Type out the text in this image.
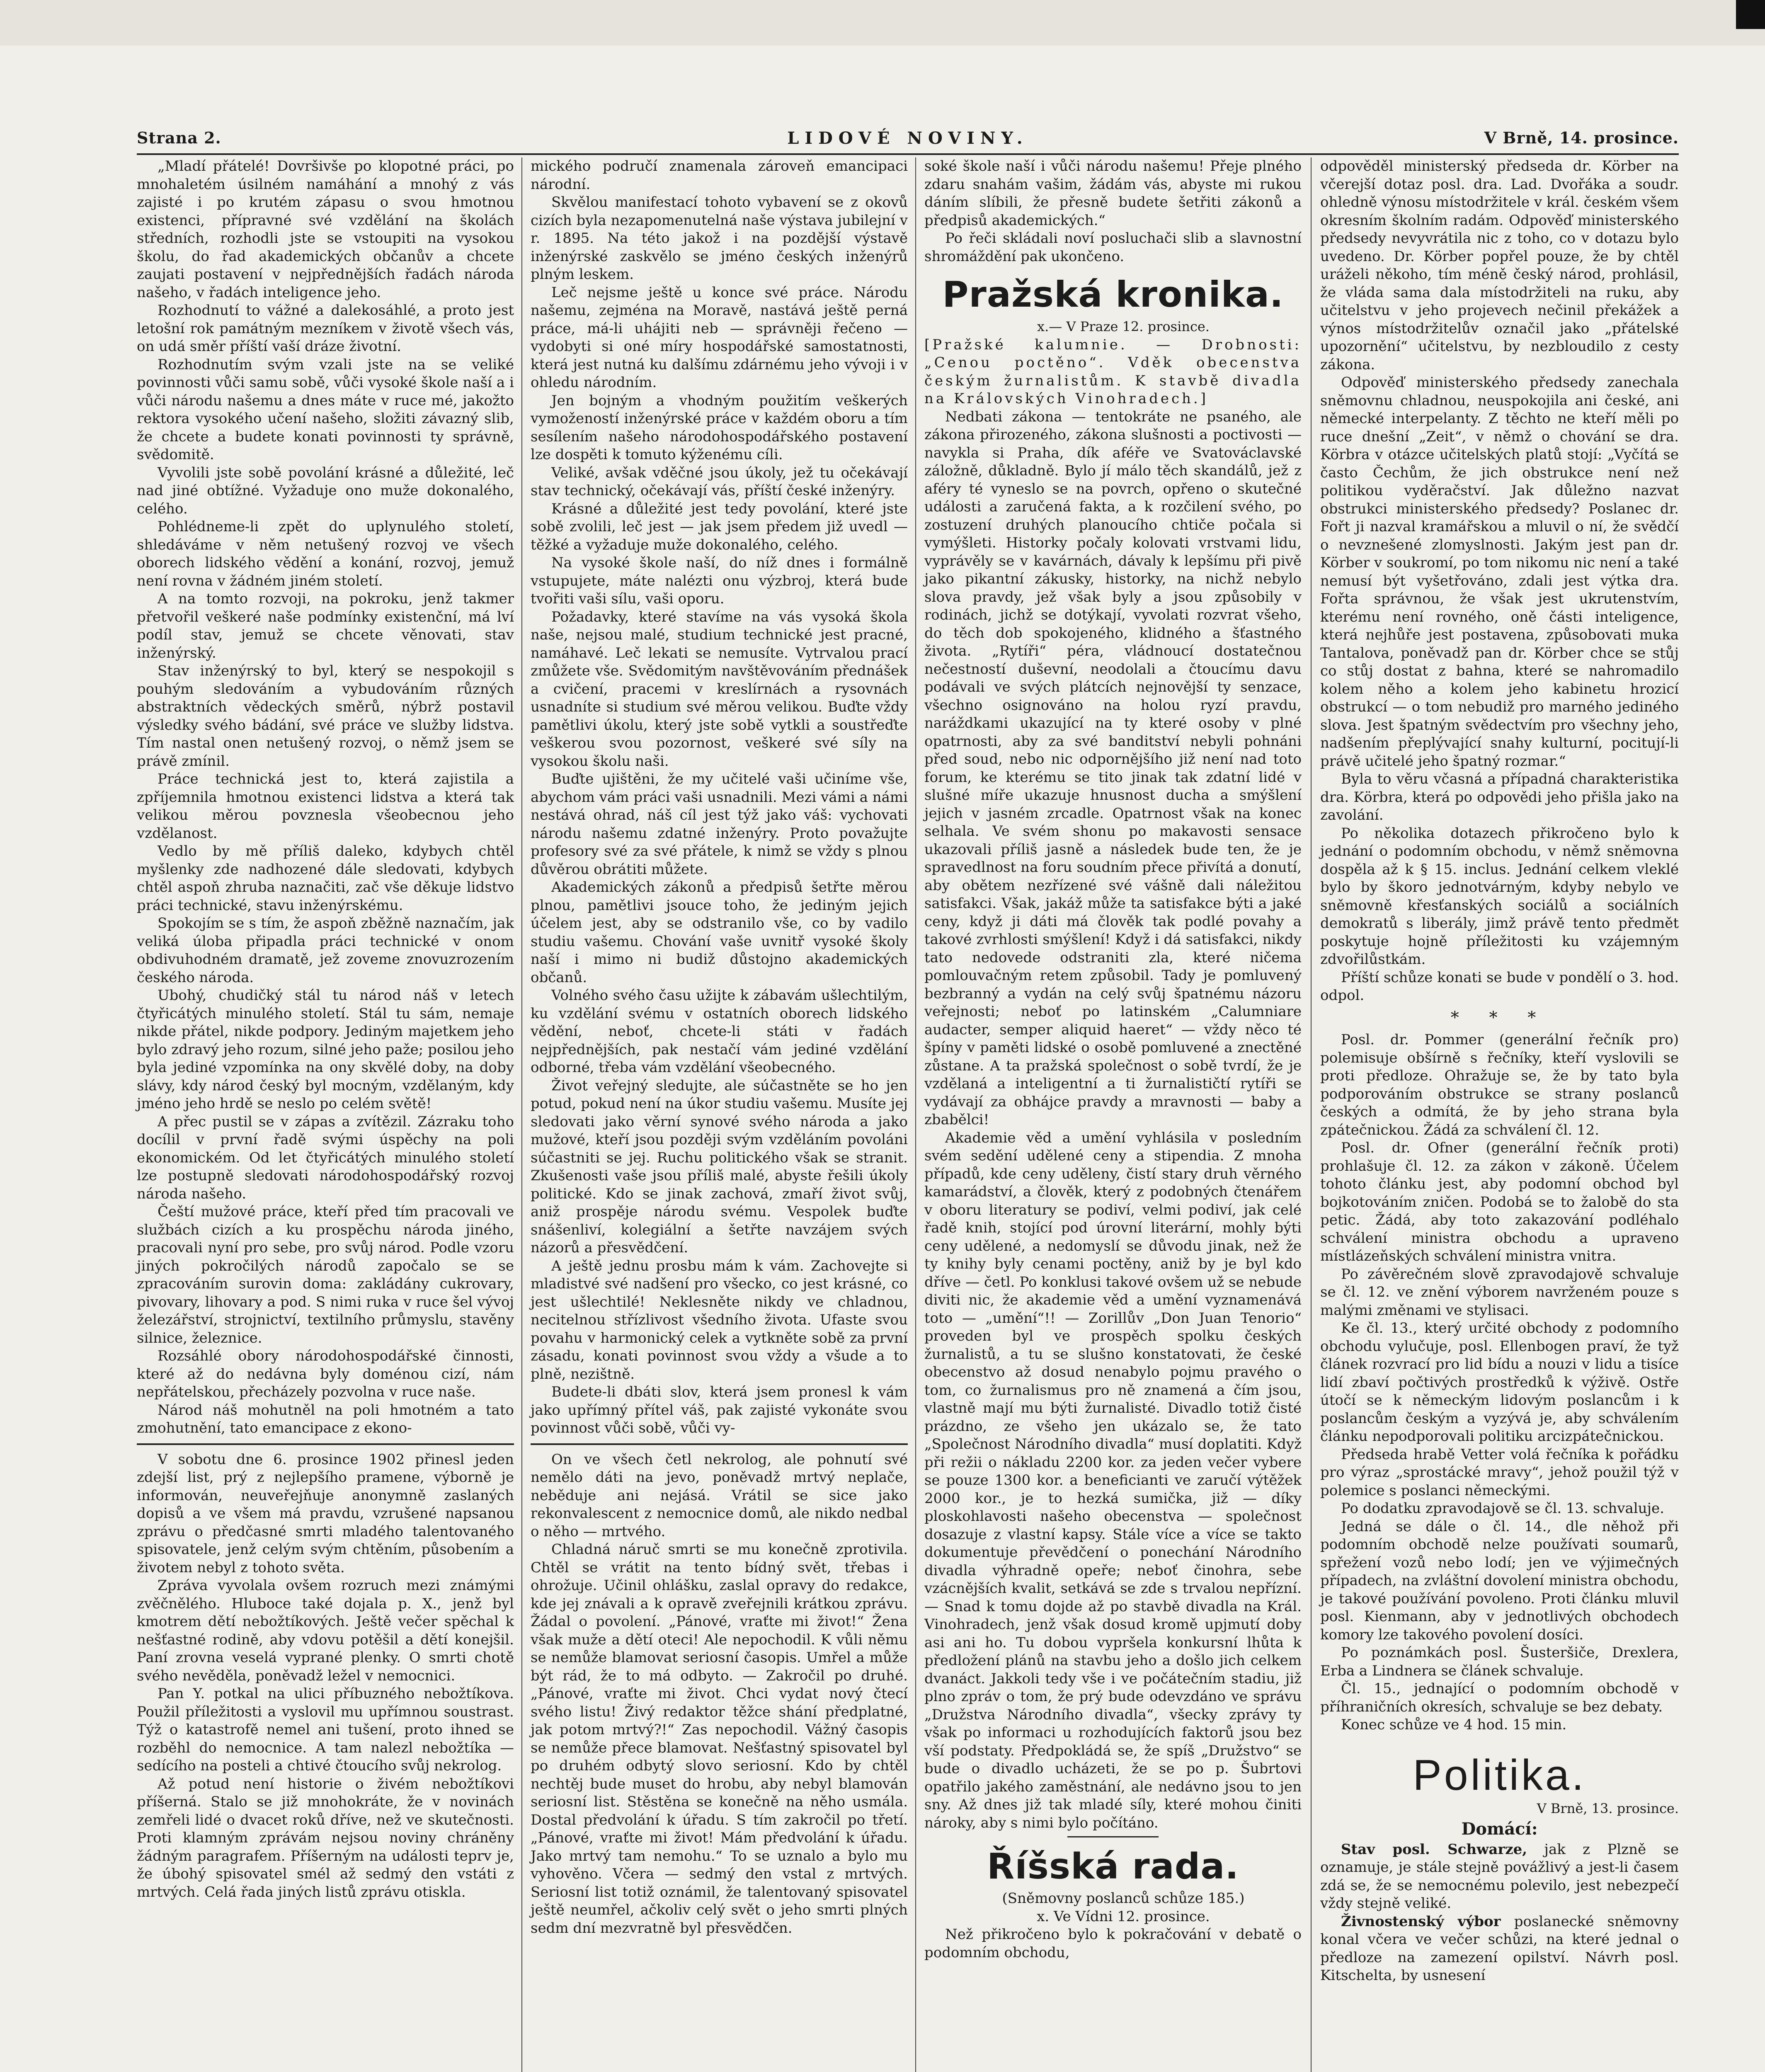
Strana 2.	LIDOVÉ NOVINY.	V Brně, 14. prosince.

„Mladí přátelé! Dovršivše po klopotné práci, po mnohaletém úsilném namáhání a mnohý z vás zajisté i po krutém zápasu o svou hmotnou existenci, přípravné své vzdělání na školách středních, rozhodli jste se vstoupiti na vysokou školu, do řad akademických občanův a chcete zaujati postavení v nejpřednějších řadách národa našeho, v řadách inteligence jeho.

Rozhodnutí to vážné a dalekosáhlé, a proto jest letošní rok památným mezníkem v životě všech vás, on udá směr příští vaší dráze životní.

Rozhodnutím svým vzali jste na se veliké povinnosti vůči samu sobě, vůči vysoké škole naší a i vůči národu našemu a dnes máte v ruce mé, jakožto rektora vysokého učení našeho, složiti závazný slib, že chcete a budete konati povinnosti ty správně, svědomitě.

Vyvolili jste sobě povolání krásné a důležité, leč nad jiné obtížné. Vyžaduje ono muže dokonalého, celého.

Pohlédneme-li zpět do uplynulého století, shledáváme v něm netušený rozvoj ve všech oborech lidského vědění a konání, rozvoj, jemuž není rovna v žádném jiném století.

A na tomto rozvoji, na pokroku, jenž takmer přetvořil veškeré naše podmínky existenční, má lví podíl stav, jemuž se chcete věnovati, stav inženýrský.

Stav inženýrský to byl, který se nespokojil s pouhým sledováním a vybudováním různých abstraktních vědeckých směrů, nýbrž postavil výsledky svého bádání, své práce ve služby lidstva. Tím nastal onen netušený rozvoj, o němž jsem se právě zmínil.

Práce technická jest to, která zajistila a zpříjemnila hmotnou existenci lidstva a která tak velikou měrou povznesla všeobecnou jeho vzdělanost.

Vedlo by mě příliš daleko, kdybych chtěl myšlenky zde nadhozené dále sledovati, kdybych chtěl aspoň zhruba naznačiti, zač vše děkuje lidstvo práci technické, stavu inženýrskému.

Spokojím se s tím, že aspoň zběžně naznačím, jak veliká úloba připadla práci technické v onom obdivuhodném dramatě, jež zoveme znovuzrozením českého národa.

Ubohý, chudičký stál tu národ náš v letech čtyřicátých minulého století. Stál tu sám, nemaje nikde přátel, nikde podpory. Jediným majetkem jeho bylo zdravý jeho rozum, silné jeho paže; posilou jeho byla jediné vzpomínka na ony skvělé doby, na doby slávy, kdy národ český byl mocným, vzdělaným, kdy jméno jeho hrdě se neslo po celém světě!

A přec pustil se v zápas a zvítězil. Zázraku toho docílil v první řadě svými úspěchy na poli ekonomickém. Od let čtyřicátých minulého století lze postupně sledovati národohospodářský rozvoj národa našeho.

Čeští mužové práce, kteří před tím pracovali ve službách cizích a ku prospěchu národa jiného, pracovali nyní pro sebe, pro svůj národ. Podle vzoru jiných pokročilých národů započalo se se zpracováním surovin doma: zakládány cukrovary, pivovary, lihovary a pod. S nimi ruka v ruce šel vývoj železářství, strojnictví, textilního průmyslu, stavěny silnice, železnice.

Rozsáhlé obory národohospodářské činnosti, které až do nedávna byly doménou cizí, nám nepřátelskou, přecházely pozvolna v ruce naše.

Národ náš mohutněl na poli hmotném a tato zmohutnění, tato emancipace z ekono-

V sobotu dne 6. prosince 1902 přinesl jeden zdejší list, prý z nejlepšího pramene, výborně je informován, neuveřejňuje anonymně zaslaných dopisů a ve všem má pravdu, vzrušené napsanou zprávu o předčasné smrti mladého talentovaného spisovatele, jenž celým svým chtěním, působením a životem nebyl z tohoto světa.

Zpráva vyvolala ovšem rozruch mezi známými zvěčnělého. Hluboce také dojala p. X., jenž byl kmotrem dětí nebožtíkových. Ještě večer spěchal k nešťastné rodině, aby vdovu potěšil a dětí konejšil. Paní zrovna veselá vyprané plenky. O smrti chotě svého nevěděla, poněvadž ležel v nemocnici.

Pan Y. potkal na ulici příbuzného nebožtíkova. Použil příležitosti a vyslovil mu upřímnou soustrast. Týž o katastrofě nemel ani tušení, proto ihned se rozběhl do nemocnice. A tam nalezl nebožtíka — sedícího na posteli a chtivé čtoucího svůj nekrolog.

Až potud není historie o živém nebožtíkovi příšerná. Stalo se již mnohokráte, že v novinách zemřeli lidé o dvacet roků dříve, než ve skutečnosti. Proti klamným zprávám nejsou noviny chráněny žádným paragrafem. Příšerným na události teprv je, že úbohý spisovatel smél až sedmý den vstáti z mrtvých. Celá řada jiných listů zprávu otiskla.

mického područí znamenala zároveň emancipaci národní.

Skvělou manifestací tohoto vybavení se z okovů cizích byla nezapomenutelná naše výstava jubilejní v r. 1895. Na této jakož i na pozdější výstavě inženýrské zaskvělo se jméno českých inženýrů plným leskem.

Leč nejsme ještě u konce své práce. Národu našemu, zejména na Moravě, nastává ještě perná práce, má-li uhájiti neb — správněji řečeno — vydobyti si oné míry hospodářské samostatnosti, která jest nutná ku dalšímu zdárnému jeho vývoji i v ohledu národním.

Jen bojným a vhodným použitím veškerých vymožeností inženýrské práce v každém oboru a tím sesílením našeho národohospodářského postavení lze dospěti k tomuto kýženému cíli.

Veliké, avšak vděčné jsou úkoly, jež tu očekávají stav technický, očekávají vás, příští české inženýry.

Krásné a důležité jest tedy povolání, které jste sobě zvolili, leč jest — jak jsem předem již uvedl — těžké a vyžaduje muže dokonalého, celého.

Na vysoké škole naší, do níž dnes i formálně vstupujete, máte nalézti onu výzbroj, která bude tvořiti vaši sílu, vaši oporu.

Požadavky, které stavíme na vás vysoká škola naše, nejsou malé, studium technické jest pracné, namáhavé. Leč lekati se nemusíte. Vytrvalou prací zmůžete vše. Svědomitým navštěvováním přednášek a cvičení, pracemi v kreslírnách a rysovnách usnadníte si studium své měrou velikou. Buďte vždy pamětlivi úkolu, který jste sobě vytkli a soustřeďte veškerou svou pozornost, veškeré své síly na vysokou školu naši.

Buďte ujištěni, že my učitelé vaši učiníme vše, abychom vám práci vaši usnadnili. Mezi vámi a námi nestává ohrad, náš cíl jest týž jako váš: vychovati národu našemu zdatné inženýry. Proto považujte profesory své za své přátele, k nimž se vždy s plnou důvěrou obrátiti můžete.

Akademických zákonů a předpisů šetřte měrou plnou, pamětlivi jsouce toho, že jediným jejich účelem jest, aby se odstranilo vše, co by vadilo studiu vašemu. Chování vaše uvnitř vysoké školy naší i mimo ni budiž důstojno akademických občanů.

Volného svého času užijte k zábavám ušlechtilým, ku vzdělání svému v ostatních oborech lidského vědění, neboť, chcete-li státi v řadách nejpřednějších, pak nestačí vám jediné vzdělání odborné, třeba vám vzdělání všeobecného.

Život veřejný sledujte, ale súčastněte se ho jen potud, pokud není na úkor studiu vašemu. Musíte jej sledovati jako věrní synové svého národa a jako mužové, kteří jsou později svým vzděláním povoláni súčastniti se jej. Ruchu politického však se stranit. Zkušenosti vaše jsou příliš malé, abyste řešili úkoly politické. Kdo se jinak zachová, zmaří život svůj, aniž prospěje národu svému. Vespolek buďte snášenliví, kolegiální a šetřte navzájem svých názorů a přesvědčení.

A ještě jednu prosbu mám k vám. Zachovejte si mladistvé své nadšení pro všecko, co jest krásné, co jest ušlechtilé! Neklesněte nikdy ve chladnou, necitelnou střízlivost všedního života. Ufaste svou povahu v harmonický celek a vytkněte sobě za první zásadu, konati povinnost svou vždy a všude a to plně, nezištně.

Budete-li dbáti slov, která jsem pronesl k vám jako upřímný přítel váš, pak zajisté vykonáte svou povinnost vůči sobě, vůči vy-

On ve všech četl nekrolog, ale pohnutí své nemělo dáti na jevo, poněvadž mrtvý neplače, neběduje ani nejásá. Vrátil se sice jako rekonvalescent z nemocnice domů, ale nikdo nedbal o něho — mrtvého.

Chladná náruč smrti se mu konečně zprotivila. Chtěl se vrátit na tento bídný svět, třebas i ohrožuje. Učinil ohlášku, zaslal opravy do redakce, kde jej znávali a k opravě zveřejnili krátkou zprávu. Žádal o povolení. „Pánové, vraťte mi život!“ Žena však muže a dětí oteci! Ale nepochodil. K vůli němu se nemůže blamovat seriosní časopis. Umřel a může být rád, že to má odbyto. — Zakročil po druhé. „Pánové, vraťte mi život. Chci vydat nový čtecí svého listu! Živý redaktor těžce shání předplatné, jak potom mrtvý?!“ Zas nepochodil. Vážný časopis se nemůže přece blamovat. Nešťastný spisovatel byl po druhém odbytý slovo seriosní. Kdo by chtěl nechtěj bude muset do hrobu, aby nebyl blamován seriosní list. Stěstěna se konečně na něho usmála. Dostal předvolání k úřadu. S tím zakročil po třetí. „Pánové, vraťte mi život! Mám předvolání k úřadu. Jako mrtvý tam nemohu.“ To se uznalo a bylo mu vyhověno. Včera — sedmý den vstal z mrtvých. Seriosní list totiž oznámil, že talentovaný spisovatel ještě neumřel, ačkoliv celý svět o jeho smrti plných sedm dní mezvratně byl přesvědčen.

soké škole naší i vůči národu našemu! Přeje plného zdaru snahám vašim, žádám vás, abyste mi rukou dáním slíbili, že přesně budete šetřiti zákonů a předpisů akademických.“

Po řeči skládali noví posluchači slib a slavnostní shromáždění pak ukončeno.

Pražská kronika.

x.— V Praze 12. prosince.

[Pražské kalumnie. — Drobnosti: „Cenou poctěno“. Vděk obecenstva českým žurnalistům. K stavbě divadla na Královských Vinohradech.]

Nedbati zákona — tentokráte ne psaného, ale zákona přirozeného, zákona slušnosti a poctivosti — navykla si Praha, dík aféře ve Svatováclavské záložně, důkladně. Bylo jí málo těch skandálů, jež z aféry té vyneslo se na povrch, opřeno o skutečné události a zaručená fakta, a k rozčilení svého, po zostuzení druhých planoucího chtiče počala si vymýšleti. Historky počaly kolovati vrstvami lidu, vyprávěly se v kavárnách, dávaly k lepšímu při pivě jako pikantní zákusky, historky, na nichž nebylo slova pravdy, jež však byly a jsou způsobily v rodinách, jichž se dotýkají, vyvolati rozvrat všeho, do těch dob spokojeného, klidného a šťastného života. „Rytíři“ péra, vládnoucí dostatečnou nečestností duševní, neodolali a čtoucímu davu podávali ve svých plátcích nejnovější ty senzace, všechno osignováno na holou ryzí pravdu, naráždkami ukazující na ty které osoby v plné opatrnosti, aby za své banditství nebyli pohnáni před soud, nebo nic odpornějšího již není nad toto forum, ke kterému se tito jinak tak zdatní lidé v slušné míře ukazuje hnusnost ducha a smýšlení jejich v jasném zrcadle. Opatrnost však na konec selhala. Ve svém shonu po makavosti sensace ukazovali příliš jasně a následek bude ten, že je spravedlnost na foru soudním přece přivítá a donutí, aby obětem nezřízené své vášně dali náležitou satisfakci. Však, jakáž může ta satisfakce býti a jaké ceny, když ji dáti má člověk tak podlé povahy a takové zvrhlosti smýšlení! Když i dá satisfakci, nikdy tato nedovede odstraniti zla, které ničema pomlouvačným retem způsobil. Tady je pomluvený bezbranný a vydán na celý svůj špatnému názoru veřejnosti; neboť po latinském „Calumniare audacter, semper aliquid haeret“ — vždy něco té špíny v paměti lidské o osobě pomluvené a znectěné zůstane. A ta pražská společnost o sobě tvrdí, že je vzdělaná a inteligentní a ti žurnalističtí rytíři se vydávají za obhájce pravdy a mravnosti — baby a zbabělci!

Akademie věd a umění vyhlásila v posledním svém sedění udělené ceny a stipendia. Z mnoha případů, kde ceny uděleny, čistí stary druh věrného kamarádství, a člověk, který z podobných čtenářem v oboru literatury se podiví, velmi podiví, jak celé řadě knih, stojící pod úrovní literární, mohly býti ceny udělené, a nedomyslí se důvodu jinak, než že ty knihy byly cenami poctěny, aniž by je byl kdo dříve — četl. Po konklusi takové ovšem už se nebude diviti nic, že akademie věd a umění vyznamenává toto — „umění“!! — Zorillův „Don Juan Tenorio“ proveden byl ve prospěch spolku českých žurnalistů, a tu se slušno konstatovati, že české obecenstvo až dosud nenabylo pojmu pravého o tom, co žurnalismus pro ně znamená a čím jsou, vlastně mají mu býti žurnalisté. Divadlo totiž čisté prázdno, ze všeho jen ukázalo se, že tato „Společnost Národního divadla“ musí doplatiti. Když při režii o nákladu 2200 kor. za jeden večer vybere se pouze 1300 kor. a beneficianti ve zaručí výtěžek 2000 kor., je to hezká sumička, již — díky ploskohlavosti našeho obecenstva — společnost dosazuje z vlastní kapsy. Stále více a více se takto dokumentuje převědčení o ponechání Národního divadla výhradně opeře; neboť činohra, sebe vzácnějších kvalit, setkává se zde s trvalou nepřízní. — Snad k tomu dojde až po stavbě divadla na Král. Vinohradech, jenž však dosud kromě upjmutí doby asi ani ho. Tu dobou vypršela konkursní lhůta k předložení plánů na stavbu jeho a došlo jich celkem dvanáct. Jakkoli tedy vše i ve počátečním stadiu, již plno zpráv o tom, že prý bude odevzdáno ve správu „Družstva Národního divadla“, všecky zprávy ty však po informaci u rozhodujících faktorů jsou bez vší podstaty. Předpokládá se, že spíš „Družstvo“ se bude o divadlo ucházeti, že se po p. Šubrtovi opatřilo jakého zaměstnání, ale nedávno jsou to jen sny. Až dnes již tak mladé síly, které mohou činiti nároky, aby s nimi bylo počítáno.

Říšská rada.

(Sněmovny poslanců schůze 185.)

x. Ve Vídni 12. prosince.

Než přikročeno bylo k pokračování v debatě o podomním obchodu,

odpověděl ministerský předseda dr. Körber na včerejší dotaz posl. dra. Lad. Dvořáka a soudr. ohledně výnosu místodržitele v král. českém všem okresním školním radám. Odpověď ministerského předsedy nevyvrátila nic z toho, co v dotazu bylo uvedeno. Dr. Körber popřel pouze, že by chtěl uráželi někoho, tím méně český národ, prohlásil, že vláda sama dala místodržiteli na ruku, aby učitelstvu v jeho projevech nečinil překážek a výnos místodržitelův označil jako „přátelské upozornění“ učitelstvu, by nezbloudilo z cesty zákona.

Odpověď ministerského předsedy zanechala sněmovnu chladnou, neuspokojila ani české, ani německé interpelanty. Z těchto ne kteří měli po ruce dnešní „Zeit“, v němž o chování se dra. Körbra v otázce učitelských platů stojí: „Vyčítá se často Čechům, že jich obstrukce není než politikou vyděračství. Jak důležno nazvat obstrukci ministerského předsedy? Poslanec dr. Fořt ji nazval kramářskou a mluvil o ní, že svědčí o nevznešené zlomyslnosti. Jakým jest pan dr. Körber v soukromí, po tom nikomu nic není a také nemusí být vyšetřováno, zdali jest výtka dra. Fořta správnou, že však jest ukrutenstvím, kterému není rovného, oně části inteligence, která nejhůře jest postavena, způsobovati muka Tantalova, poněvadž pan dr. Körber chce se stůj co stůj dostat z bahna, které se nahromadilo kolem něho a kolem jeho kabinetu hrozicí obstrukcí — o tom nebudiž pro marného jediného slova. Jest špatným svědectvím pro všechny jeho, nadšením přeplývající snahy kulturní, pocitují-li právě učitelé jeho špatný rozmar.“

Byla to věru včasná a případná charakteristika dra. Körbra, která po odpovědi jeho přišla jako na zavolání.

Po několika dotazech přikročeno bylo k jednání o podomním obchodu, v němž sněmovna dospěla až k § 15. inclus. Jednání celkem vleklé bylo by škoro jednotvárným, kdyby nebylo ve sněmovně křesťanských sociálů a sociálních demokratů s liberály, jimž právě tento předmět poskytuje hojně příležitosti ku vzájemným zdvořilůstkám.

Příští schůze konati se bude v pondělí o 3. hod. odpol.

* * *

Posl. dr. Pommer (generální řečník pro) polemisuje obšírně s řečníky, kteří vyslovili se proti předloze. Ohražuje se, že by tato byla podporováním obstrukce se strany poslanců českých a odmítá, že by jeho strana byla zpátečnickou. Žádá za schválení čl. 12.

Posl. dr. Ofner (generální řečník proti) prohlašuje čl. 12. za zákon v zákoně. Účelem tohoto článku jest, aby podomní obchod byl bojkotováním zničen. Podobá se to žalobě do sta petic. Žádá, aby toto zakazování podléhalo schválení ministra obchodu a upraveno místlázeňských schválení ministra vnitra.

Po závěrečném slově zpravodajově schvaluje se čl. 12. ve znění výborem navrženém pouze s malými změnami ve stylisaci.

Ke čl. 13., který určité obchody z podomního obchodu vylučuje, posl. Ellenbogen praví, že tyž článek rozvrací pro lid bídu a nouzi v lidu a tisíce lidí zbaví počtivých prostředků k výživě. Ostře útočí se k německým lidovým poslancům i k poslancům českým a vyzývá je, aby schválením článku nepodporovali politiku arcizpátečnickou.

Předseda hrabě Vetter volá řečníka k pořádku pro výraz „sprostácké mravy“, jehož použil týž v polemice s poslanci německými.

Po dodatku zpravodajově se čl. 13. schvaluje.

Jedná se dále o čl. 14., dle něhož při podomním obchodě nelze používati soumarů, spřežení vozů nebo lodí; jen ve výjimečných případech, na zvláštní dovolení ministra obchodu, je takové používání povoleno. Proti článku mluvil posl. Kienmann, aby v jednotlivých obchodech komory lze takového povolení dosíci.

Po poznámkách posl. Šusteršiče, Drexlera, Erba a Lindnera se článek schvaluje.

Čl. 15., jednající o podomním obchodě v příhraničních okresích, schvaluje se bez debaty.

Konec schůze ve 4 hod. 15 min.

Politika.

V Brně, 13. prosince.

Domácí:

Stav posl. Schwarze, jak z Plzně se oznamuje, je stále stejně povážlivý a jest-li časem zdá se, že se nemocnému polevilo, jest nebezpečí vždy stejně veliké.

Živnostenský výbor poslanecké sněmovny konal včera ve večer schůzi, na které jednal o předloze na zamezení opilství. Návrh posl. Kitschelta, by usnesení
